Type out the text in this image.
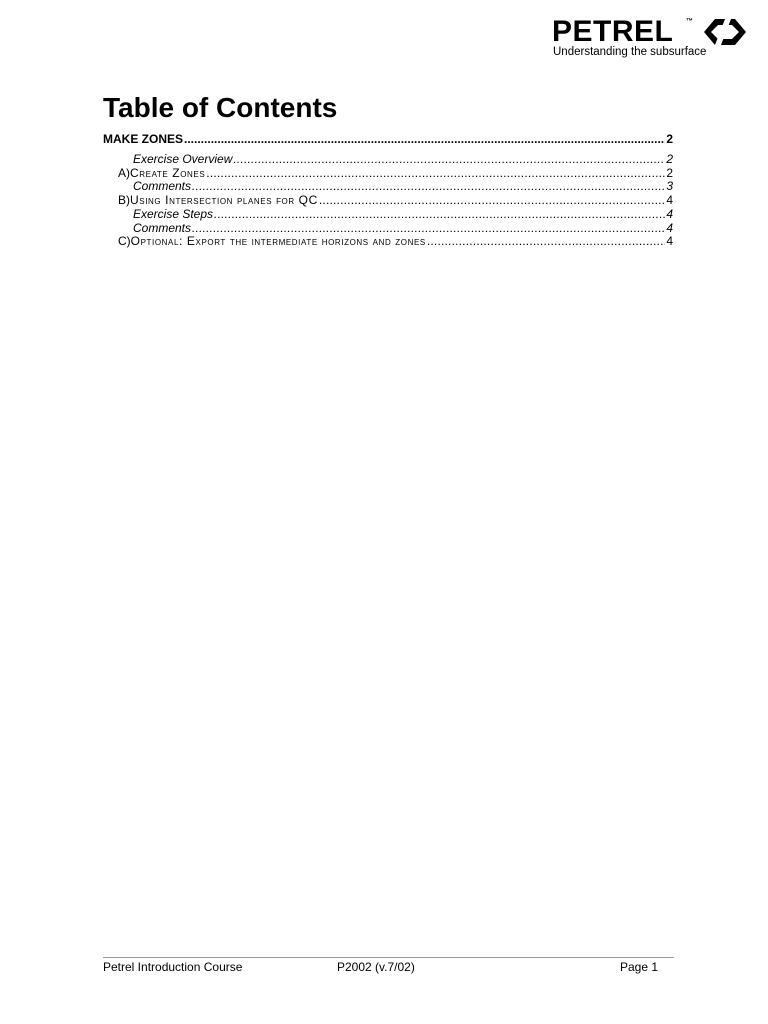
PETREL ™
Understanding the subsurface
Table of Contents
MAKE ZONES .....	2
Exercise Overview .....	2
A) Create Zones .....	2
Comments .....	3
B) Using Intersection planes for QC .....	4
Exercise Steps .....	4
Comments .....	4
C) Optional: Export the intermediate horizons and zones .....	4
Petrel Introduction Course	P2002 (v.7/02)	Page 1
